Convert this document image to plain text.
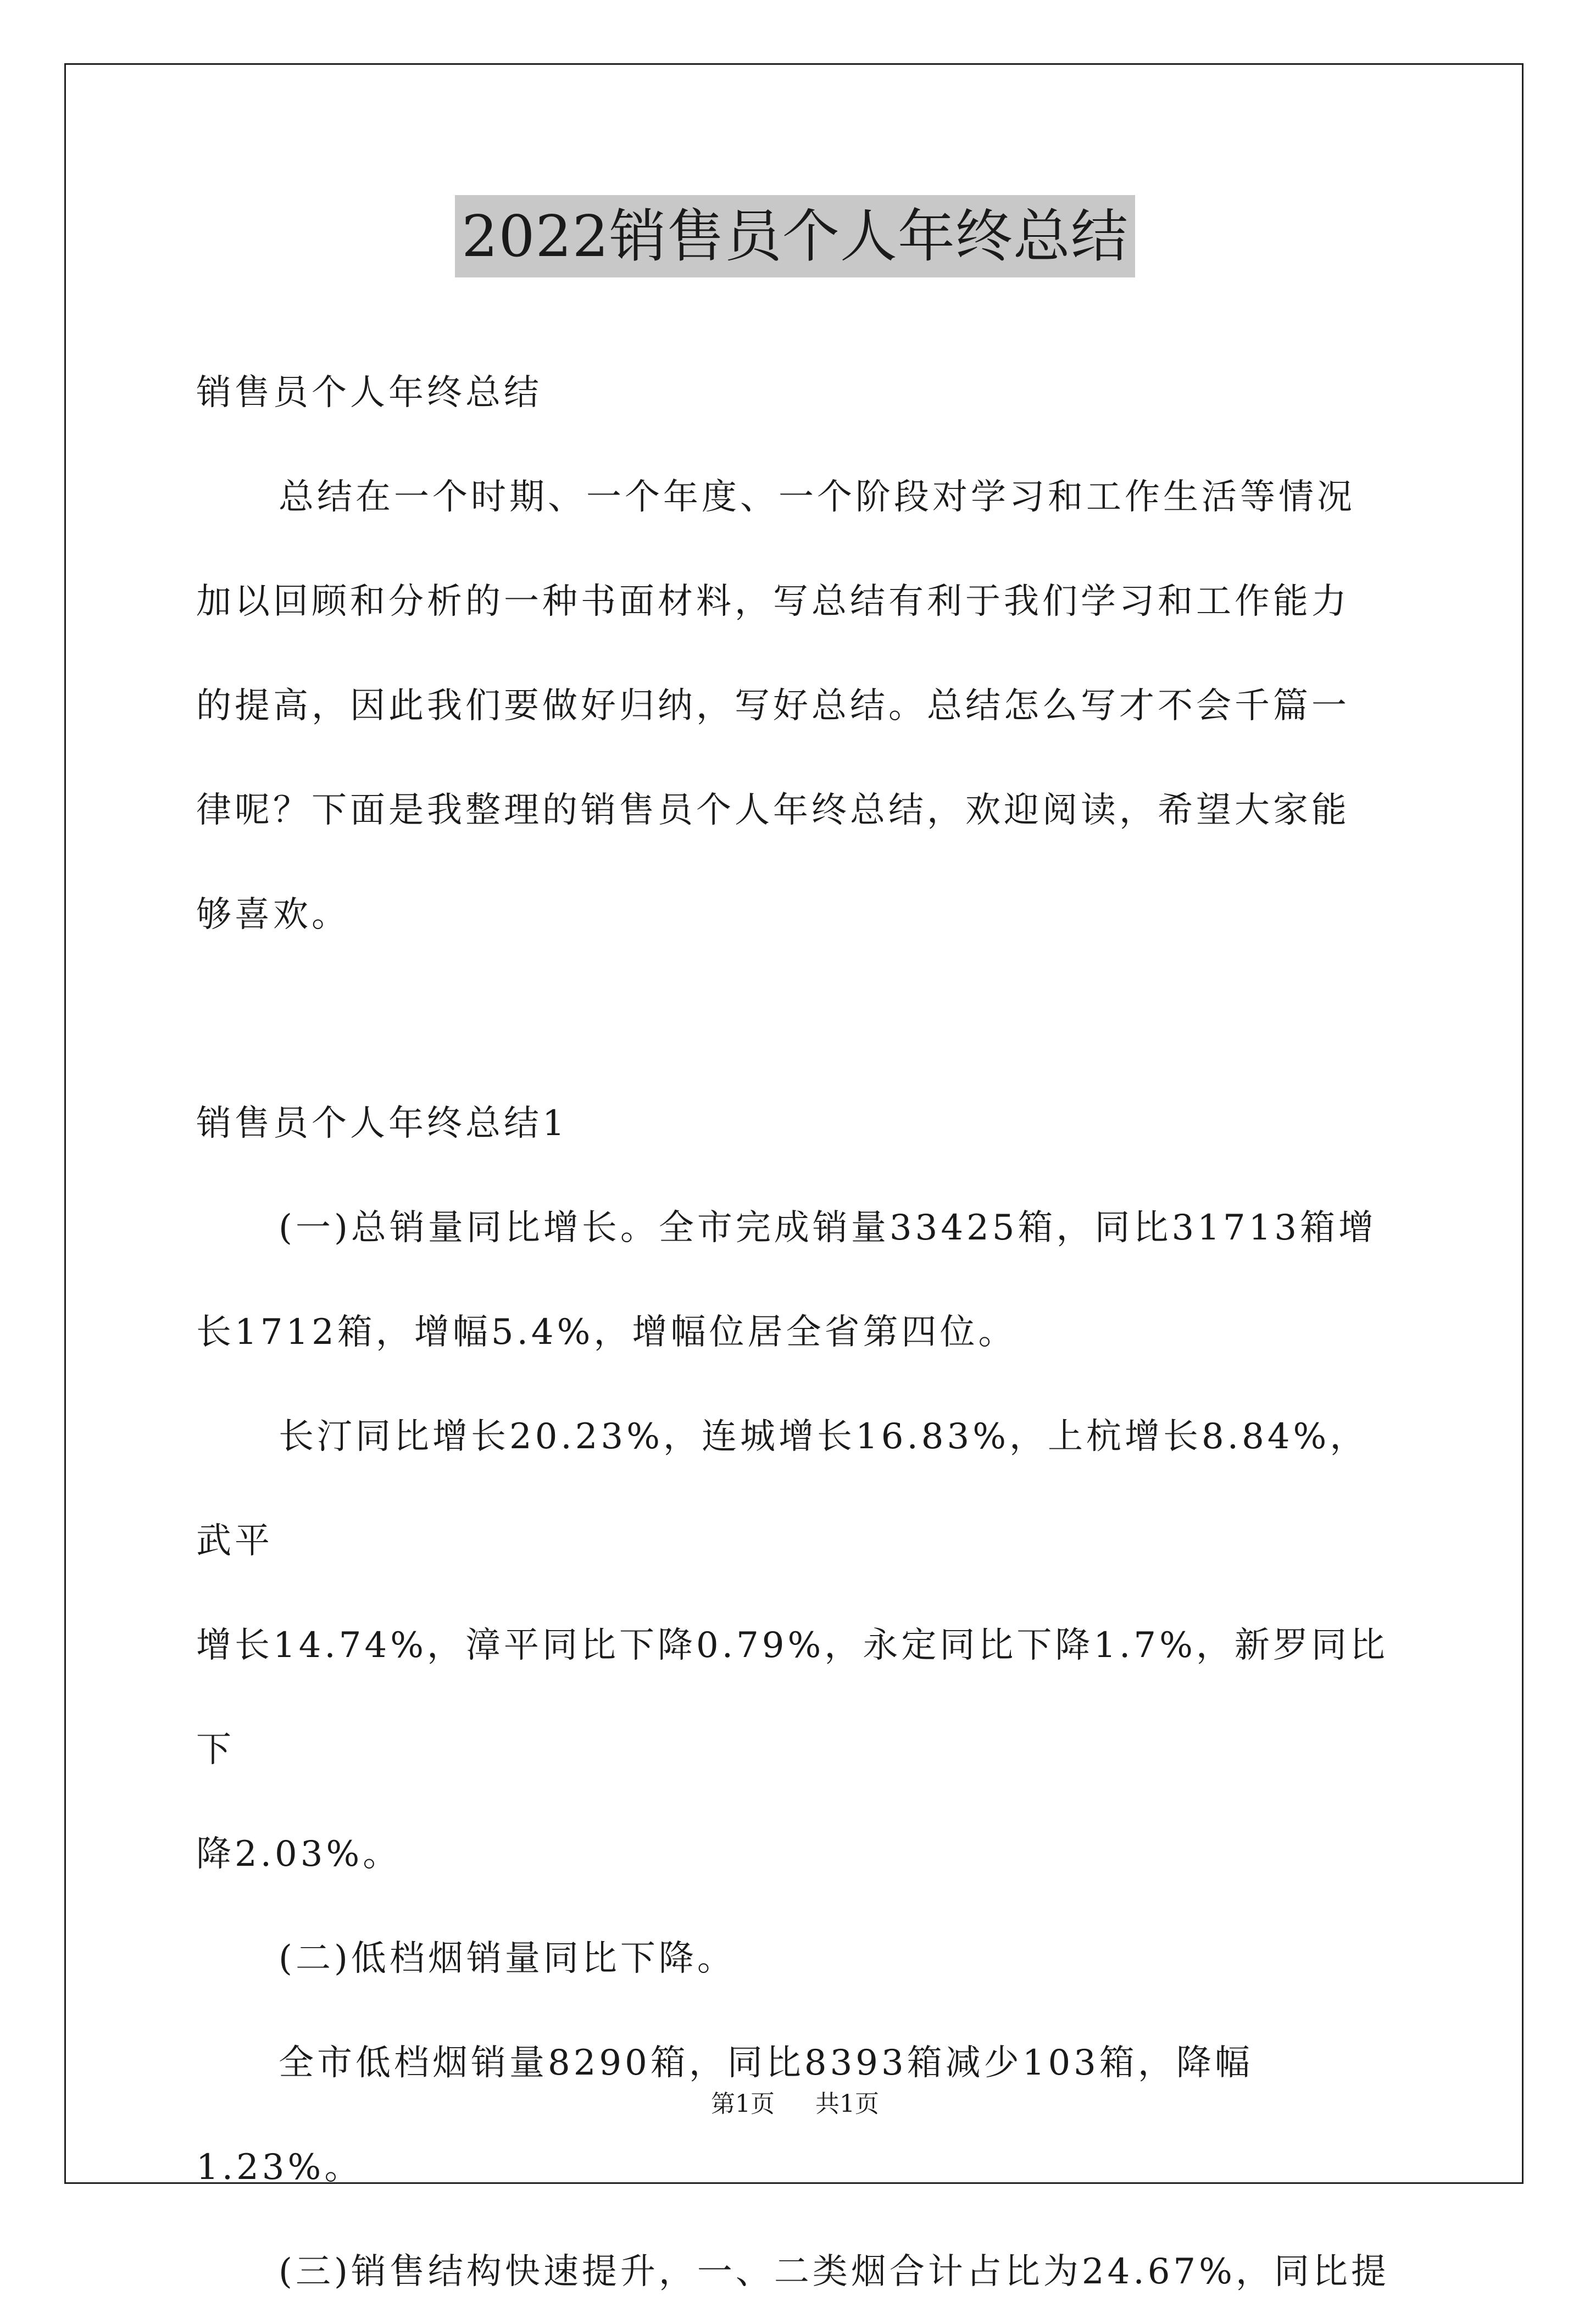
2022销售员个人年终总结

销售员个人年终总结

总结在一个时期、一个年度、一个阶段对学习和工作生活等情况

加以回顾和分析的一种书面材料，写总结有利于我们学习和工作能力

的提高，因此我们要做好归纳，写好总结。总结怎么写才不会千篇一

律呢？下面是我整理的销售员个人年终总结，欢迎阅读，希望大家能

够喜欢。

销售员个人年终总结1

(一)总销量同比增长。全市完成销量33425箱，同比31713箱增

长1712箱，增幅5.4%，增幅位居全省第四位。

长汀同比增长20.23%，连城增长16.83%，上杭增长8.84%，武平

增长14.74%，漳平同比下降0.79%，永定同比下降1.7%，新罗同比下

降2.03%。

(二)低档烟销量同比下降。

全市低档烟销量8290箱，同比8393箱减少103箱，降幅1.23%。

(三)销售结构快速提升，一、二类烟合计占比为24.67%，同比提

第1页 共1页
